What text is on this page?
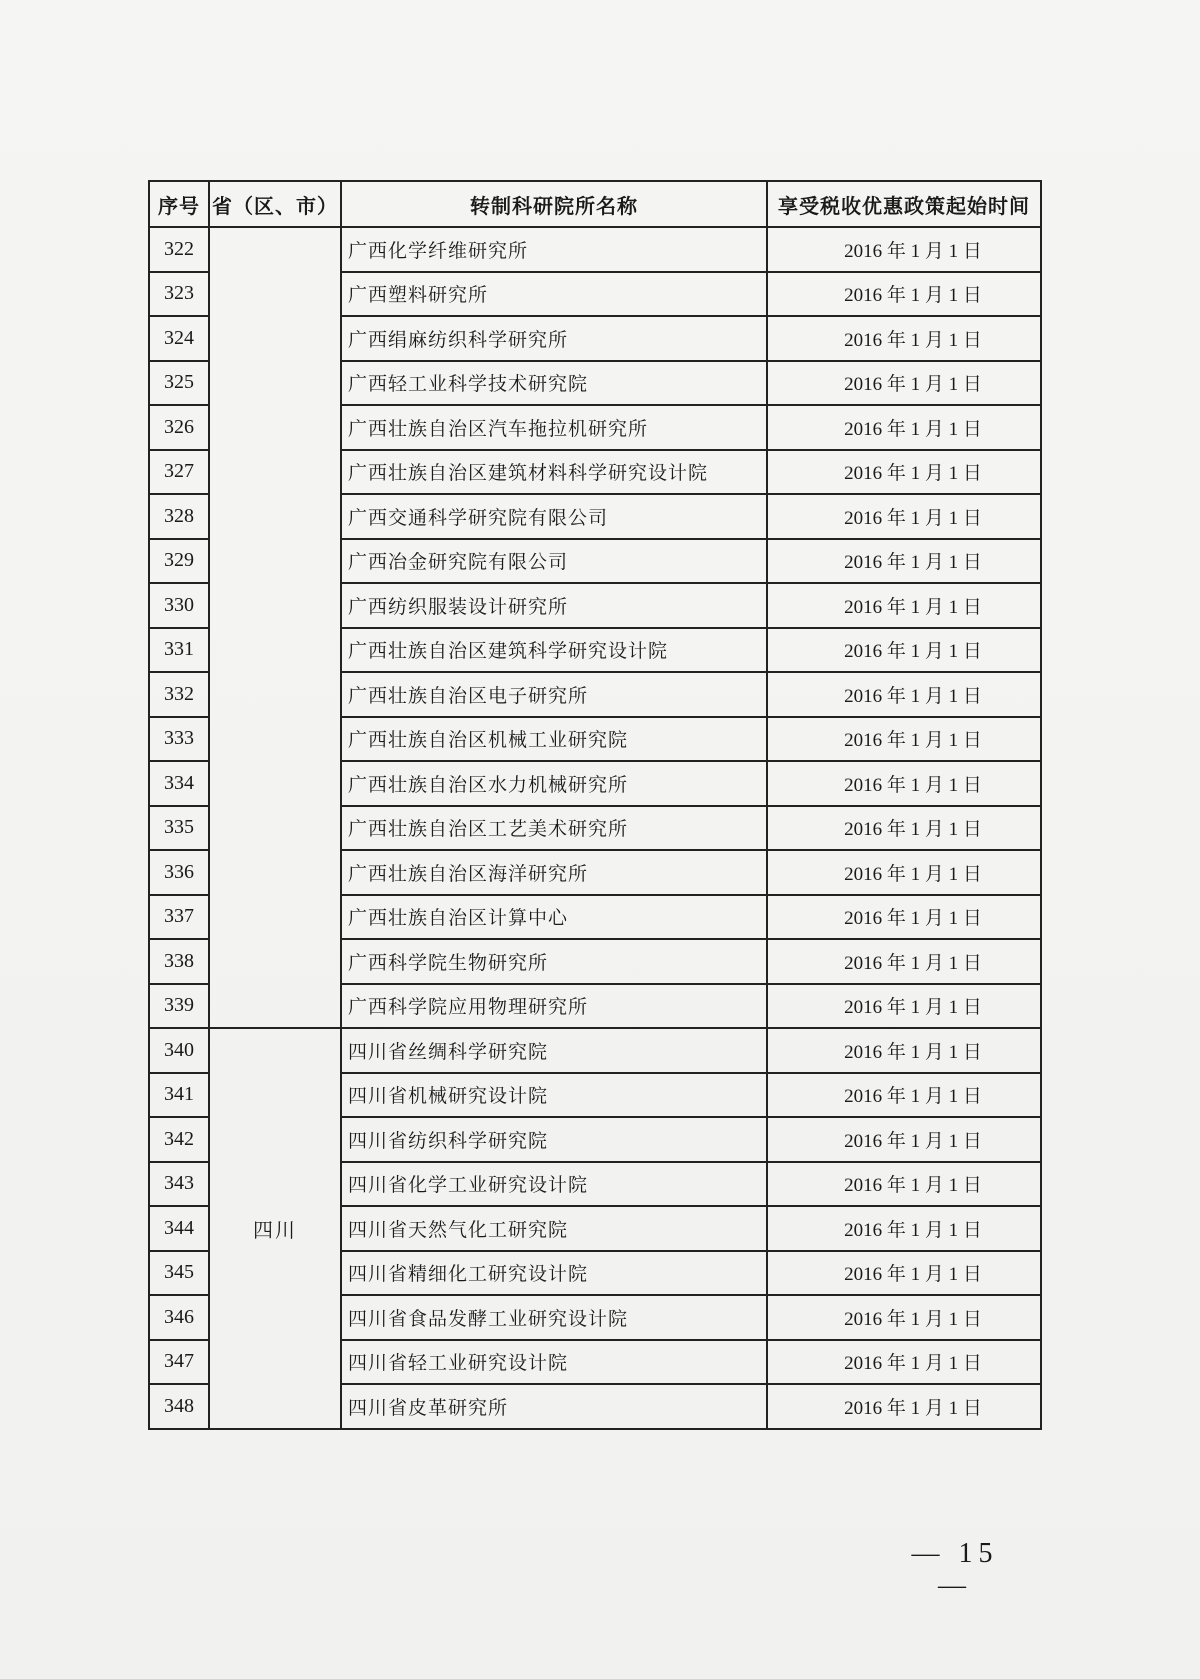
序号	省（区、市）	转制科研院所名称	享受税收优惠政策起始时间
322		广西化学纤维研究所	2016 年 1 月 1 日
323		广西塑料研究所	2016 年 1 月 1 日
324		广西绢麻纺织科学研究所	2016 年 1 月 1 日
325		广西轻工业科学技术研究院	2016 年 1 月 1 日
326		广西壮族自治区汽车拖拉机研究所	2016 年 1 月 1 日
327		广西壮族自治区建筑材料科学研究设计院	2016 年 1 月 1 日
328		广西交通科学研究院有限公司	2016 年 1 月 1 日
329		广西冶金研究院有限公司	2016 年 1 月 1 日
330		广西纺织服装设计研究所	2016 年 1 月 1 日
331		广西壮族自治区建筑科学研究设计院	2016 年 1 月 1 日
332		广西壮族自治区电子研究所	2016 年 1 月 1 日
333		广西壮族自治区机械工业研究院	2016 年 1 月 1 日
334		广西壮族自治区水力机械研究所	2016 年 1 月 1 日
335		广西壮族自治区工艺美术研究所	2016 年 1 月 1 日
336		广西壮族自治区海洋研究所	2016 年 1 月 1 日
337		广西壮族自治区计算中心	2016 年 1 月 1 日
338		广西科学院生物研究所	2016 年 1 月 1 日
339		广西科学院应用物理研究所	2016 年 1 月 1 日
340	四川	四川省丝绸科学研究院	2016 年 1 月 1 日
341		四川省机械研究设计院	2016 年 1 月 1 日
342		四川省纺织科学研究院	2016 年 1 月 1 日
343		四川省化学工业研究设计院	2016 年 1 月 1 日
344		四川省天然气化工研究院	2016 年 1 月 1 日
345		四川省精细化工研究设计院	2016 年 1 月 1 日
346		四川省食品发酵工业研究设计院	2016 年 1 月 1 日
347		四川省轻工业研究设计院	2016 年 1 月 1 日
348		四川省皮革研究所	2016 年 1 月 1 日
— 15 —
